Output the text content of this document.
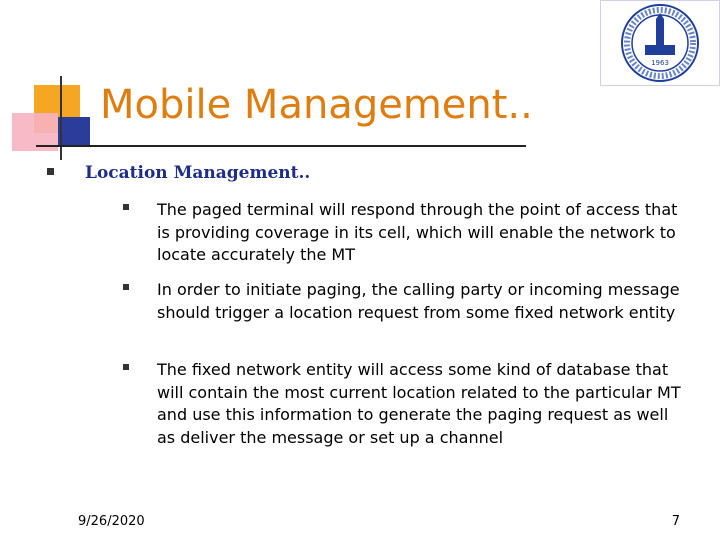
Mobile Management..
1963
Location Management..
The paged terminal will respond through the point of access that is providing coverage in its cell, which will enable the network to locate accurately the MT
In order to initiate paging, the calling party or incoming message should trigger a location request from some fixed network entity
The fixed network entity will access some kind of database that will contain the most current location related to the particular MT and use this information to generate the paging request as well as deliver the message or set up a channel
9/26/2020	7
